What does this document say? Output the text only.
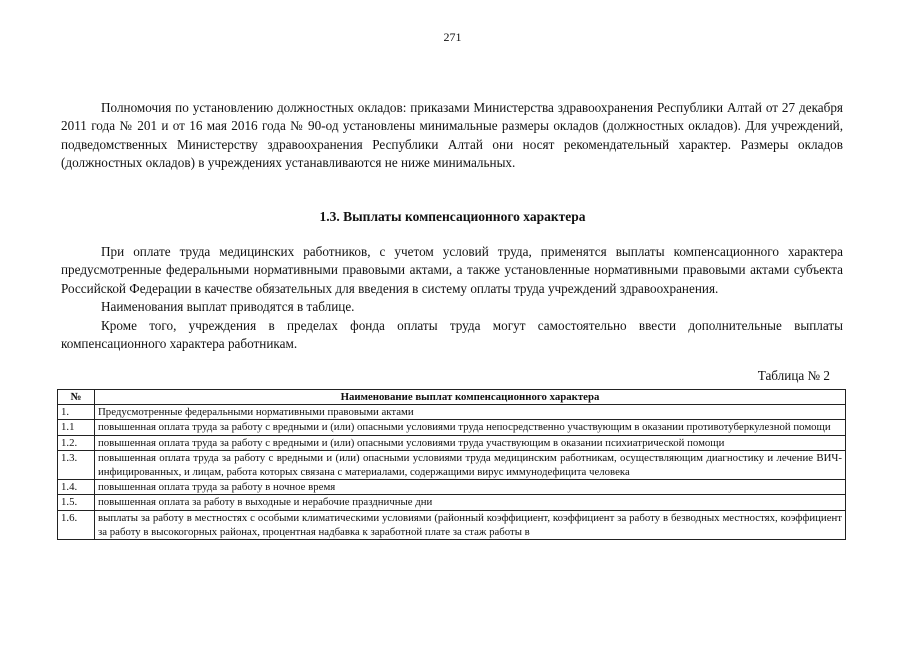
271

Полномочия по установлению должностных окладов: приказами Министерства здравоохранения Республики Алтай от 27 декабря 2011 года № 201 и от 16 мая 2016 года № 90-од установлены минимальные размеры окладов (должностных окладов). Для учреждений, подведомственных Министерству здравоохранения Республики Алтай они носят рекомендательный характер. Размеры окладов (должностных окладов) в учреждениях устанавливаются не ниже минимальных.

1.3. Выплаты компенсационного характера

При оплате труда медицинских работников, с учетом условий труда, применятся выплаты компенсационного характера предусмотренные федеральными нормативными правовыми актами, а также установленные нормативными правовыми актами субъекта Российской Федерации в качестве обязательных для введения в систему оплаты труда учреждений здравоохранения.

Наименования выплат приводятся в таблице.

Кроме того, учреждения в пределах фонда оплаты труда могут самостоятельно ввести дополнительные выплаты компенсационного характера работникам.

Таблица № 2
№	Наименование выплат компенсационного характера
1.	Предусмотренные федеральными нормативными правовыми актами
1.1	повышенная оплата труда за работу с вредными и (или) опасными условиями труда непосредственно участвующим в оказании противотуберкулезной помощи
1.2.	повышенная оплата труда за работу с вредными и (или) опасными условиями труда участвующим в оказании психиатрической помощи
1.3.	повышенная оплата труда за работу с вредными и (или) опасными условиями труда медицинским работникам, осуществляющим диагностику и лечение ВИЧ-инфицированных, и лицам, работа которых связана с материалами, содержащими вирус иммунодефицита человека
1.4.	повышенная оплата труда за работу в ночное время
1.5.	повышенная оплата за работу в выходные и нерабочие праздничные дни
1.6.	выплаты за работу в местностях с особыми климатическими условиями (районный коэффициент, коэффициент за работу в безводных местностях, коэффициент за работу в высокогорных районах, процентная надбавка к заработной плате за стаж работы в
